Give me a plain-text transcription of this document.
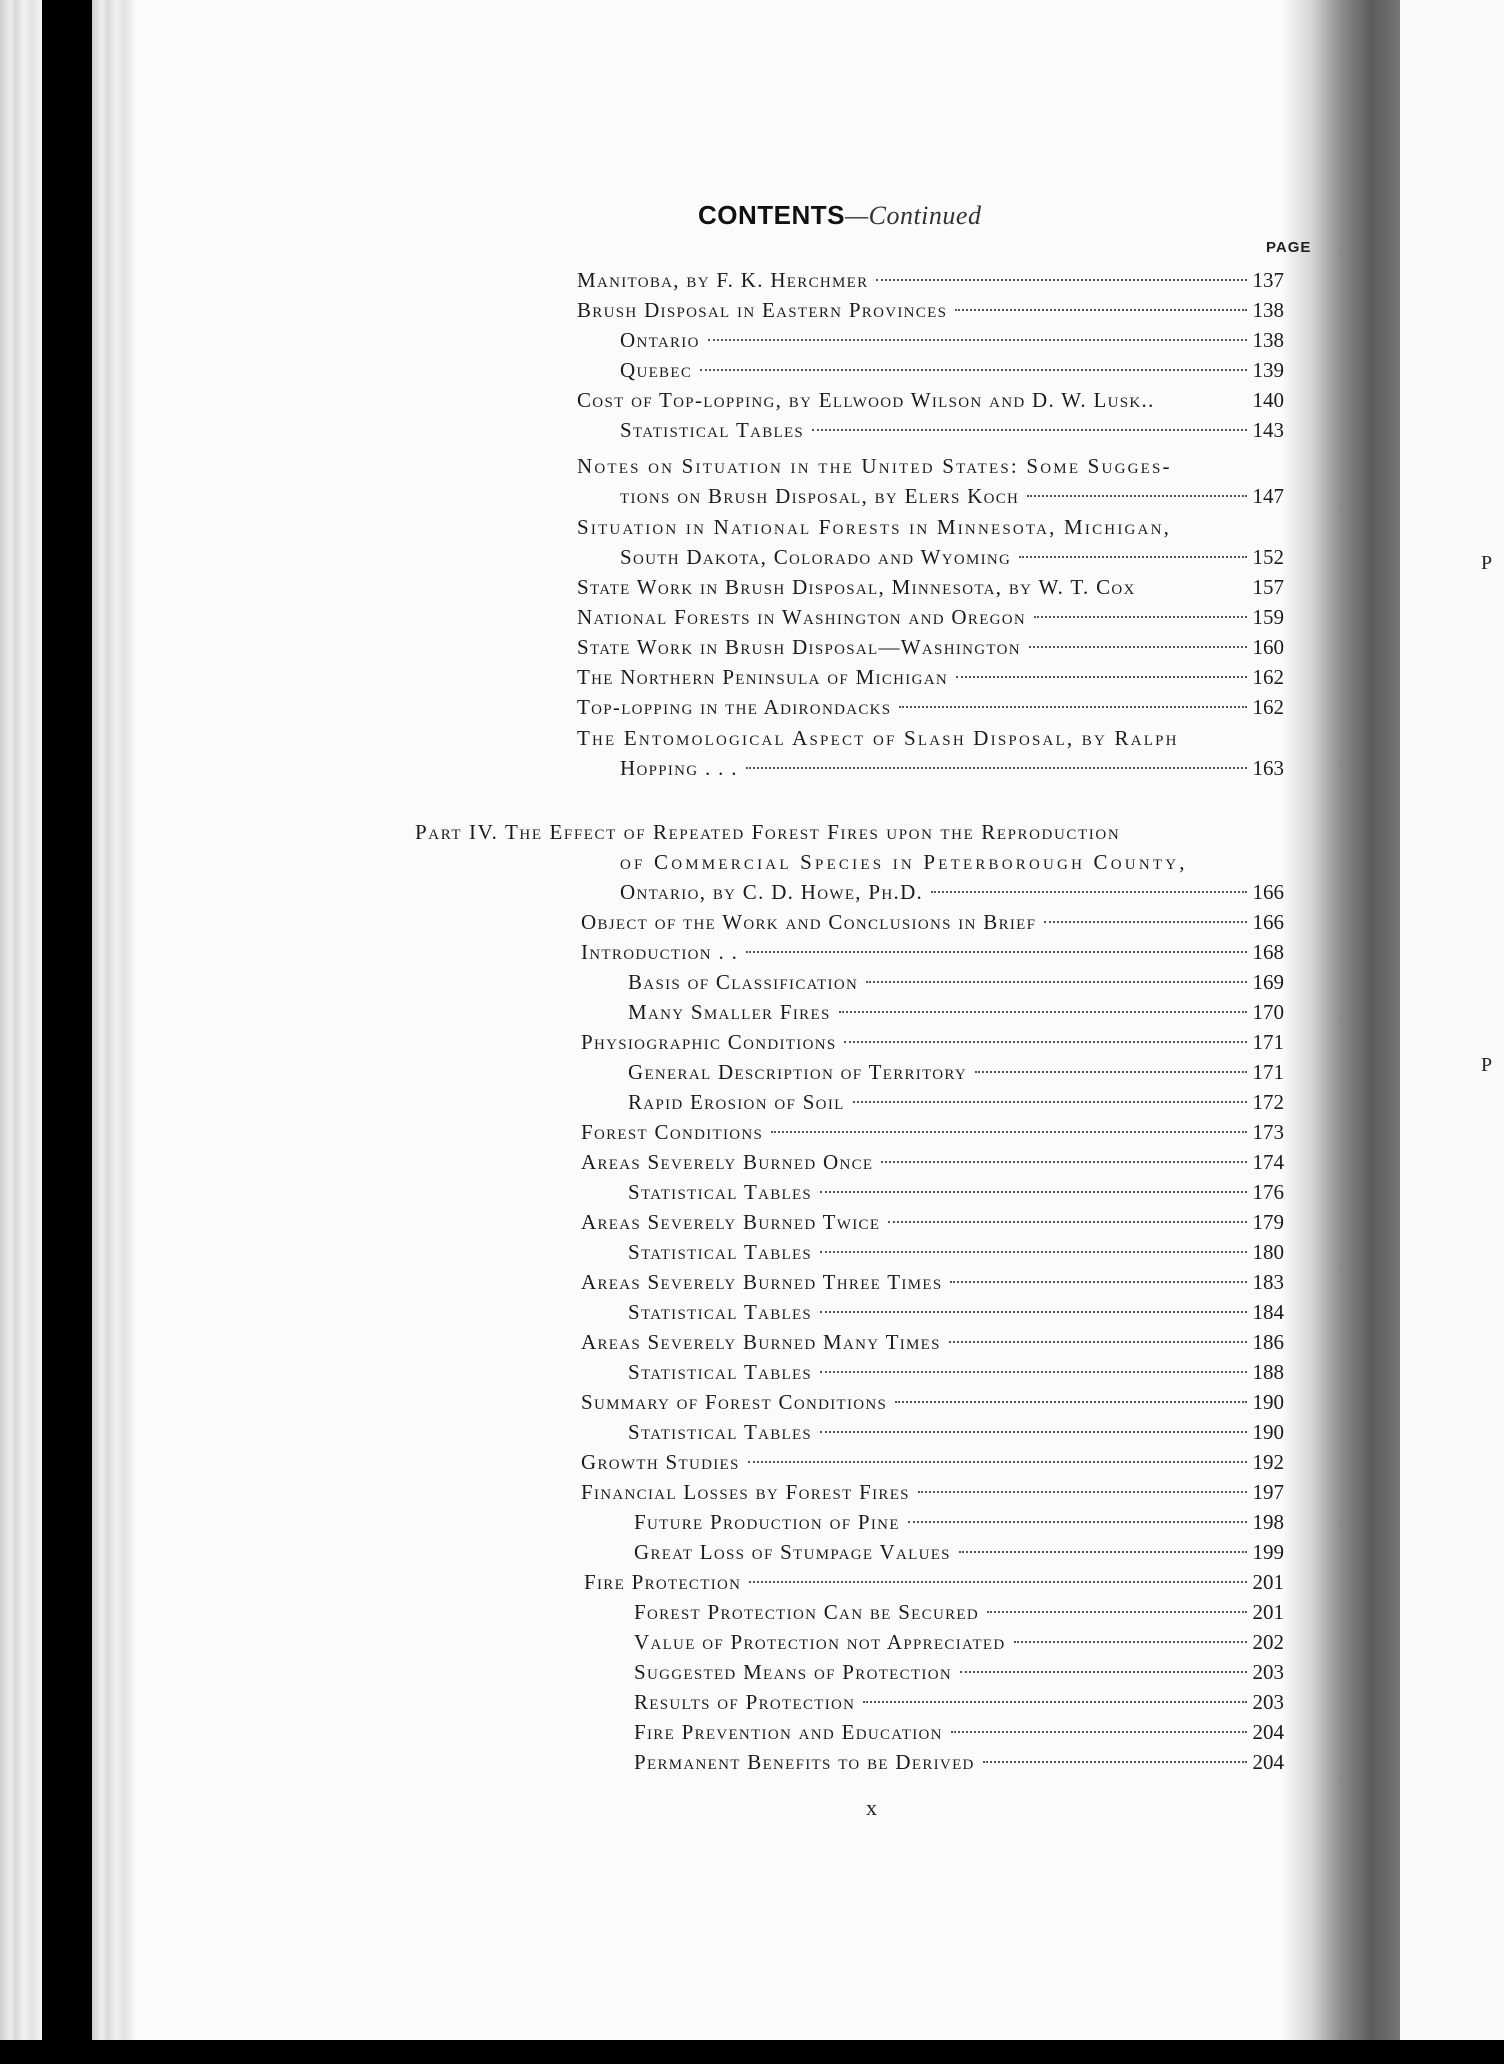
P
P
CONTENTS—Continued
PAGE
Manitoba, by F. K. Herchmer	137
Brush Disposal in Eastern Provinces	138
Ontario	138
Quebec	139
Cost of Top-lopping, by Ellwood Wilson and D. W. Lusk..	140
Statistical Tables	143
Notes on Situation in the United States: Some Sugges-
tions on Brush Disposal, by Elers Koch	147
Situation in National Forests in Minnesota, Michigan,
South Dakota, Colorado and Wyoming	152
State Work in Brush Disposal, Minnesota, by W. T. Cox	157
National Forests in Washington and Oregon	159
State Work in Brush Disposal—Washington	160
The Northern Peninsula of Michigan	162
Top-lopping in the Adirondacks	162
The Entomological Aspect of Slash Disposal, by Ralph
Hopping . . .	163
Part IV. The Effect of Repeated Forest Fires upon the Reproduction
of Commercial Species in Peterborough County,
Ontario, by C. D. Howe, Ph.D.	166
Object of the Work and Conclusions in Brief	166
Introduction . .	168
Basis of Classification	169
Many Smaller Fires	170
Physiographic Conditions	171
General Description of Territory	171
Rapid Erosion of Soil	172
Forest Conditions	173
Areas Severely Burned Once	174
Statistical Tables	176
Areas Severely Burned Twice	179
Statistical Tables	180
Areas Severely Burned Three Times	183
Statistical Tables	184
Areas Severely Burned Many Times	186
Statistical Tables	188
Summary of Forest Conditions	190
Statistical Tables	190
Growth Studies	192
Financial Losses by Forest Fires	197
Future Production of Pine	198
Great Loss of Stumpage Values	199
Fire Protection	201
Forest Protection Can be Secured	201
Value of Protection not Appreciated	202
Suggested Means of Protection	203
Results of Protection	203
Fire Prevention and Education	204
Permanent Benefits to be Derived	204
x
